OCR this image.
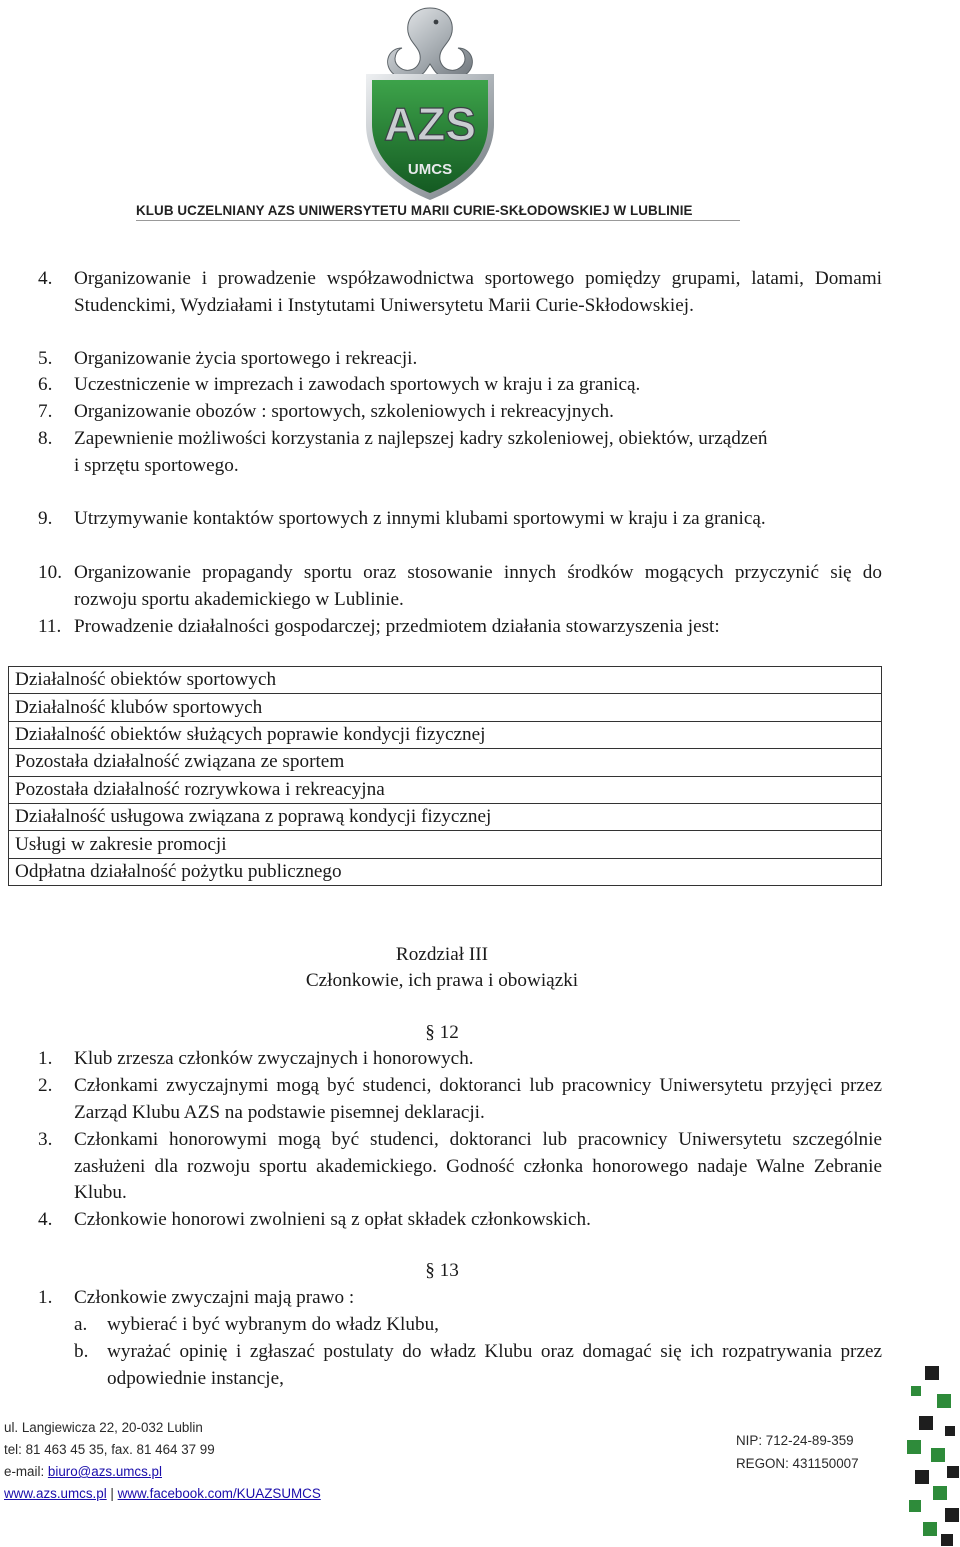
AZS
UMCS
KLUB UCZELNIANY AZS UNIWERSYTETU MARII CURIE-SKŁODOWSKIEJ W LUBLINIE
4. Organizowanie i prowadzenie współzawodnictwa sportowego pomiędzy grupami, latami, Domami Studenckimi, Wydziałami i Instytutami Uniwersytetu Marii Curie-Skłodowskiej.
5. Organizowanie życia sportowego i rekreacji.
6. Uczestniczenie w imprezach i zawodach sportowych w kraju i za granicą.
7. Organizowanie obozów : sportowych, szkoleniowych i rekreacyjnych.
8. Zapewnienie możliwości korzystania z najlepszej kadry szkoleniowej, obiektów, urządzeń
i sprzętu sportowego.
9. Utrzymywanie kontaktów sportowych z innymi klubami sportowymi w kraju i za granicą.
10. Organizowanie propagandy sportu oraz stosowanie innych środków mogących przyczynić się do rozwoju sportu akademickiego w Lublinie.
11. Prowadzenie działalności gospodarczej; przedmiotem działania stowarzyszenia jest:
Działalność obiektów sportowych
Działalność klubów sportowych
Działalność obiektów służących poprawie kondycji fizycznej
Pozostała działalność związana ze sportem
Pozostała działalność rozrywkowa i rekreacyjna
Działalność usługowa związana z poprawą kondycji fizycznej
Usługi w zakresie promocji
Odpłatna działalność pożytku publicznego
Rozdział III
Członkowie, ich prawa i obowiązki
§ 12
1. Klub zrzesza członków zwyczajnych i honorowych.
2. Członkami zwyczajnymi mogą być studenci, doktoranci lub pracownicy Uniwersytetu przyjęci przez Zarząd Klubu AZS na podstawie pisemnej deklaracji.
3. Członkami honorowymi mogą być studenci, doktoranci lub pracownicy Uniwersytetu szczególnie zasłużeni dla rozwoju sportu akademickiego. Godność członka honorowego nadaje Walne Zebranie Klubu.
4. Członkowie honorowi zwolnieni są z opłat składek członkowskich.
§ 13
1. Członkowie zwyczajni mają prawo :
a. wybierać i być wybranym do władz Klubu,
b. wyrażać opinię i zgłaszać postulaty do władz Klubu oraz domagać się ich rozpatrywania przez odpowiednie instancje,
ul. Langiewicza 22, 20-032 Lublin
tel: 81 463 45 35, fax. 81 464 37 99
e-mail: biuro@azs.umcs.pl
www.azs.umcs.pl | www.facebook.com/KUAZSUMCS
NIP: 712-24-89-359
REGON: 431150007
